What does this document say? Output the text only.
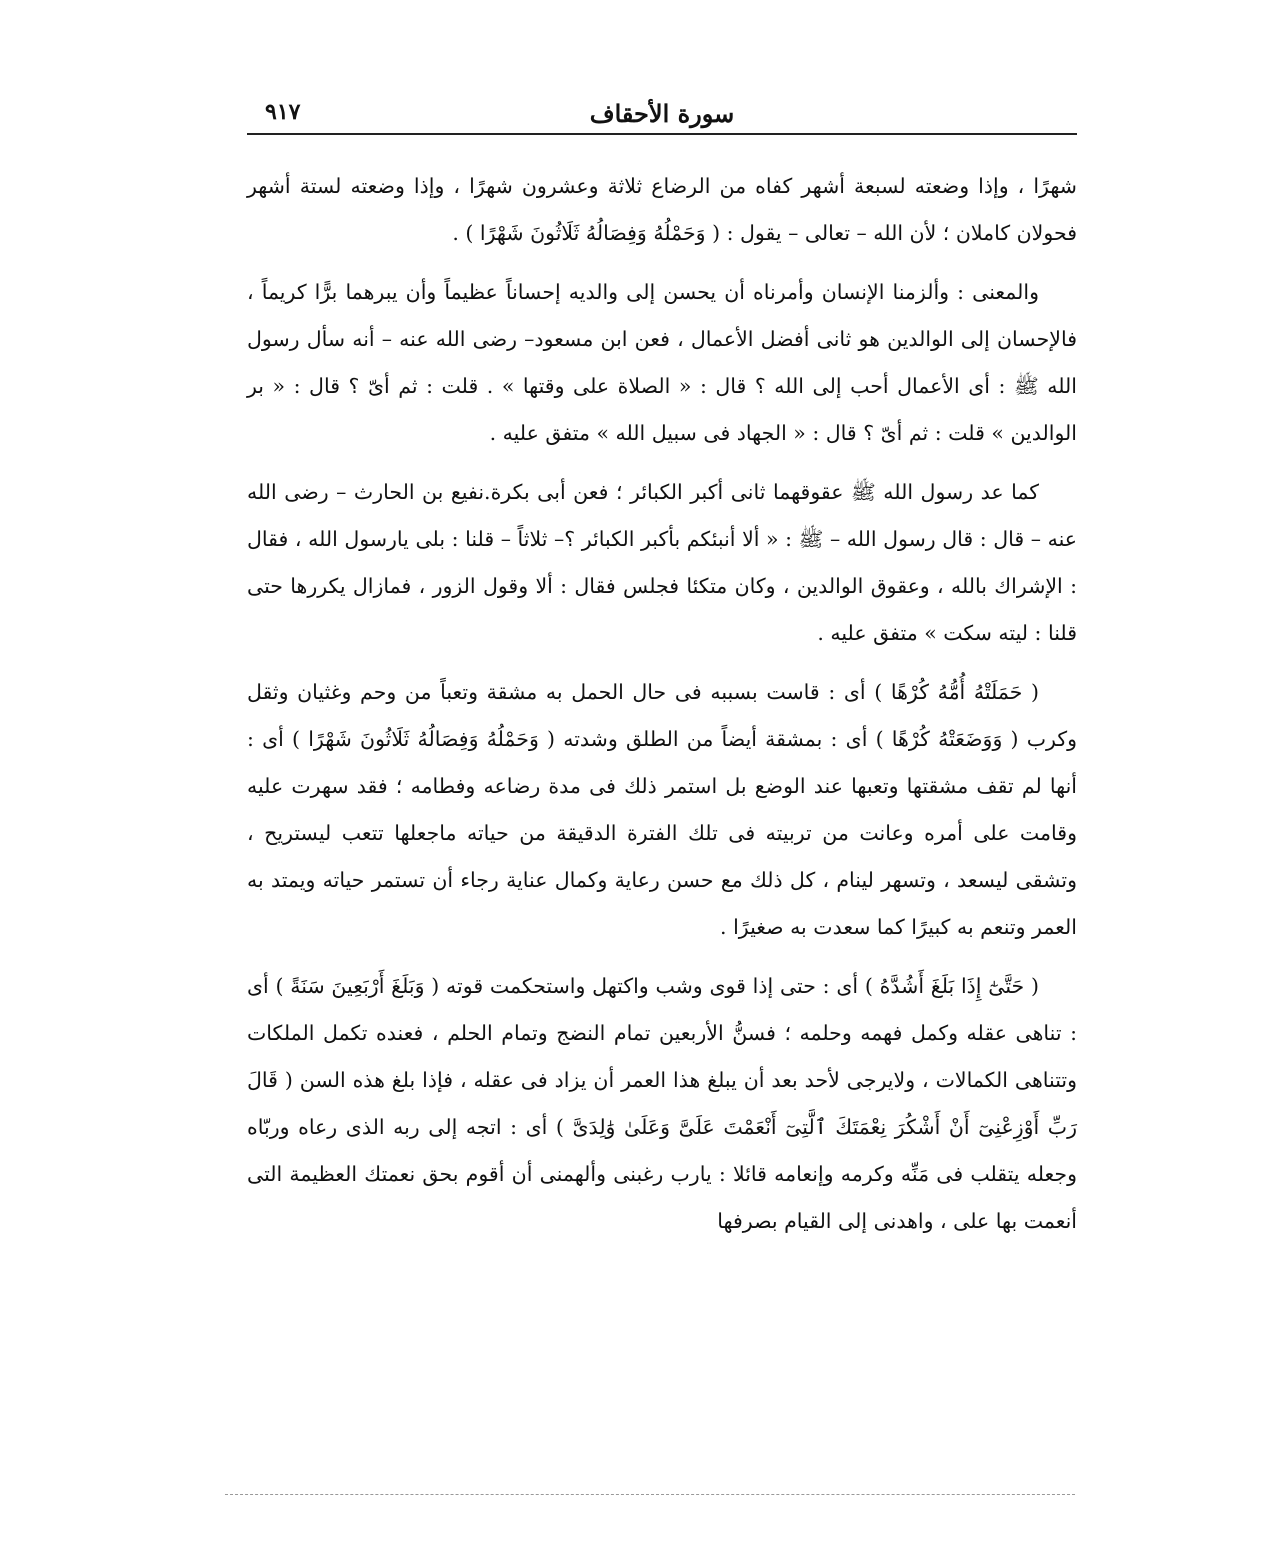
سورة الأحقاف
٩١٧

شهرًا ، وإذا وضعته لسبعة أشهر كفاه من الرضاع ثلاثة وعشرون شهرًا ، وإذا وضعته لستة أشهر فحولان كاملان ؛ لأن الله – تعالى – يقول : ( وَحَمْلُهُ وَفِصَالُهُ ثَلَاثُونَ شَهْرًا ) .

والمعنى : وألزمنا الإنسان وأمرناه أن يحسن إلى والديه إحساناً عظيماً وأن يبرهما برًّا كريماً ، فالإحسان إلى الوالدين هو ثانى أفضل الأعمال ، فعن ابن مسعود– رضى الله عنه – أنه سأل رسول الله ﷺ : أى الأعمال أحب إلى الله ؟ قال : « الصلاة على وقتها » . قلت : ثم أىّ ؟ قال : « بر الوالدين » قلت : ثم أىّ ؟ قال : « الجهاد فى سبيل الله » متفق عليه .

كما عد رسول الله ﷺ عقوقهما ثانى أكبر الكبائر ؛ فعن أبى بكرة.نفيع بن الحارث – رضى الله عنه – قال : قال رسول الله – ﷺ : « ألا أنبئكم بأكبر الكبائر ؟– ثلاثاً – قلنا : بلى يارسول الله ، فقال : الإشراك بالله ، وعقوق الوالدين ، وكان متكئا فجلس فقال : ألا وقول الزور ، فمازال يكررها حتى قلنا : ليته سكت » متفق عليه .

( حَمَلَتْهُ أُمُّهُ كُرْهًا ) أى : قاست بسببه فى حال الحمل به مشقة وتعباً من وحم وغثيان وثقل وكرب ( وَوَضَعَتْهُ كُرْهًا ) أى : بمشقة أيضاً من الطلق وشدته ( وَحَمْلُهُ وَفِصَالُهُ ثَلَاثُونَ شَهْرًا ) أى : أنها لم تقف مشقتها وتعبها عند الوضع بل استمر ذلك فى مدة رضاعه وفطامه ؛ فقد سهرت عليه وقامت على أمره وعانت من تربيته فى تلك الفترة الدقيقة من حياته ماجعلها تتعب ليستريح ، وتشقى ليسعد ، وتسهر لينام ، كل ذلك مع حسن رعاية وكمال عناية رجاء أن تستمر حياته ويمتد به العمر وتنعم به كبيرًا كما سعدت به صغيرًا .

( حَتَّىٰٓ إِذَا بَلَغَ أَشُدَّهُ ) أى : حتى إذا قوى وشب واكتهل واستحكمت قوته ( وَبَلَغَ أَرْبَعِينَ سَنَةً ) أى : تناهى عقله وكمل فهمه وحلمه ؛ فسنُّ الأربعين تمام النضج وتمام الحلم ، فعنده تكمل الملكات وتتناهى الكمالات ، ولايرجى لأحد بعد أن يبلغ هذا العمر أن يزاد فى عقله ، فإذا بلغ هذه السن ( قَالَ رَبِّ أَوْزِعْنِىٓ أَنْ أَشْكُرَ نِعْمَتَكَ ٱلَّتِىٓ أَنْعَمْتَ عَلَىَّ وَعَلَىٰ وَٰلِدَىَّ ) أى : اتجه إلى ربه الذى رعاه وربّاه وجعله يتقلب فى مَنِّه وكرمه وإنعامه قائلا : يارب رغبنى وألهمنى أن أقوم بحق نعمتك العظيمة التى أنعمت بها على ، واهدنى إلى القيام بصرفها
